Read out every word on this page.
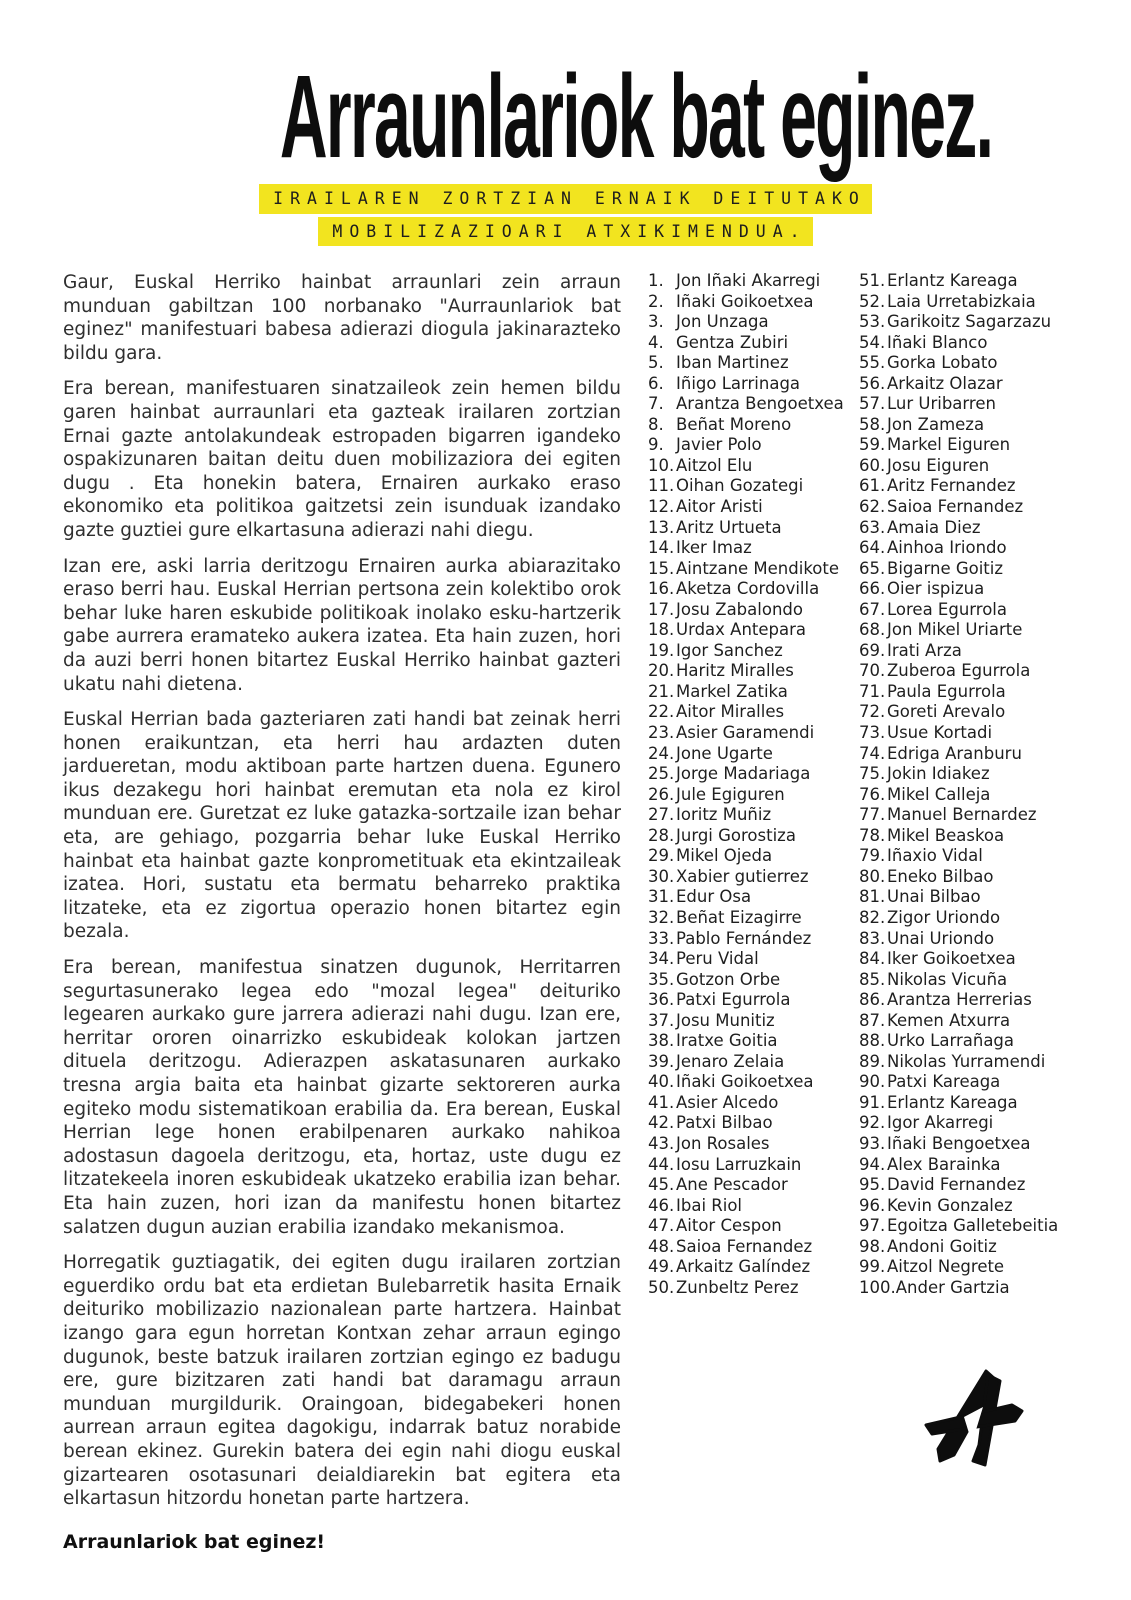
Arraunlariok bat eginez.
IRAILAREN ZORTZIAN ERNAIK DEITUTAKO
MOBILIZAZIOARI ATXIKIMENDUA.

Gaur, Euskal Herriko hainbat arraunlari zein arraun munduan gabiltzan 100 norbanako "Aurraunlariok bat eginez" manifestuari babesa adierazi diogula jakinarazteko bildu gara.

Era berean, manifestuaren sinatzaileok zein hemen bildu garen hainbat aurraunlari eta gazteak irailaren zortzian Ernai gazte antolakundeak estropaden bigarren igandeko ospakizunaren baitan deitu duen mobilizaziora dei egiten dugu . Eta honekin batera, Ernairen aurkako eraso ekonomiko eta politikoa gaitzetsi zein isunduak izandako gazte guztiei gure elkartasuna adierazi nahi diegu.

Izan ere, aski larria deritzogu Ernairen aurka abiarazitako eraso berri hau. Euskal Herrian pertsona zein kolektibo orok behar luke haren eskubide politikoak inolako esku-hartzerik gabe aurrera eramateko aukera izatea. Eta hain zuzen, hori da auzi berri honen bitartez Euskal Herriko hainbat gazteri ukatu nahi dietena.

Euskal Herrian bada gazteriaren zati handi bat zeinak herri honen eraikuntzan, eta herri hau ardazten duten jardueretan, modu aktiboan parte hartzen duena. Egunero ikus dezakegu hori hainbat eremutan eta nola ez kirol munduan ere. Guretzat ez luke gatazka-sortzaile izan behar eta, are gehiago, pozgarria behar luke Euskal Herriko hainbat eta hainbat gazte konprometituak eta ekintzaileak izatea. Hori, sustatu eta bermatu beharreko praktika litzateke, eta ez zigortua operazio honen bitartez egin bezala.

Era berean, manifestua sinatzen dugunok, Herritarren segurtasunerako legea edo "mozal legea" deituriko legearen aurkako gure jarrera adierazi nahi dugu. Izan ere, herritar ororen oinarrizko eskubideak kolokan jartzen dituela deritzogu. Adierazpen askatasunaren aurkako tresna argia baita eta hainbat gizarte sektoreren aurka egiteko modu sistematikoan erabilia da. Era berean, Euskal Herrian lege honen erabilpenaren aurkako nahikoa adostasun dagoela deritzogu, eta, hortaz, uste dugu ez litzatekeela inoren eskubideak ukatzeko erabilia izan behar. Eta hain zuzen, hori izan da manifestu honen bitartez salatzen dugun auzian erabilia izandako mekanismoa.

Horregatik guztiagatik, dei egiten dugu irailaren zortzian eguerdiko ordu bat eta erdietan Bulebarretik hasita Ernaik deituriko mobilizazio nazionalean parte hartzera. Hainbat izango gara egun horretan Kontxan zehar arraun egingo dugunok, beste batzuk irailaren zortzian egingo ez badugu ere, gure bizitzaren zati handi bat daramagu arraun munduan murgildurik. Oraingoan, bidegabekeri honen aurrean arraun egitea dagokigu, indarrak batuz norabide berean ekinez. Gurekin batera dei egin nahi diogu euskal gizartearen osotasunari deialdiarekin bat egitera eta elkartasun hitzordu honetan parte hartzera.

Arraunlariok bat eginez!
1. Jon Iñaki Akarregi
2. Iñaki Goikoetxea
3. Jon Unzaga
4. Gentza Zubiri
5. Iban Martinez
6. Iñigo Larrinaga
7. Arantza Bengoetxea
8. Beñat Moreno
9. Javier Polo
10. Aitzol Elu
11. Oihan Gozategi
12. Aitor Aristi
13. Aritz Urtueta
14. Iker Imaz
15. Aintzane Mendikote
16. Aketza Cordovilla
17. Josu Zabalondo
18. Urdax Antepara
19. Igor Sanchez
20. Haritz Miralles
21. Markel Zatika
22. Aitor Miralles
23. Asier Garamendi
24. Jone Ugarte
25. Jorge Madariaga
26. Jule Egiguren
27. Ioritz Muñiz
28. Jurgi Gorostiza
29. Mikel Ojeda
30. Xabier gutierrez
31. Edur Osa
32. Beñat Eizagirre
33. Pablo Fernández
34. Peru Vidal
35. Gotzon Orbe
36. Patxi Egurrola
37. Josu Munitiz
38. Iratxe Goitia
39. Jenaro Zelaia
40. Iñaki Goikoetxea
41. Asier Alcedo
42. Patxi Bilbao
43. Jon Rosales
44. Iosu Larruzkain
45. Ane Pescador
46. Ibai Riol
47. Aitor Cespon
48. Saioa Fernandez
49. Arkaitz Galíndez
50. Zunbeltz Perez
51. Erlantz Kareaga
52. Laia Urretabizkaia
53. Garikoitz Sagarzazu
54. Iñaki Blanco
55. Gorka Lobato
56. Arkaitz Olazar
57. Lur Uribarren
58. Jon Zameza
59. Markel Eiguren
60. Josu Eiguren
61. Aritz Fernandez
62. Saioa Fernandez
63. Amaia Diez
64. Ainhoa Iriondo
65. Bigarne Goitiz
66. Oier ispizua
67. Lorea Egurrola
68. Jon Mikel Uriarte
69. Irati Arza
70. Zuberoa Egurrola
71. Paula Egurrola
72. Goreti Arevalo
73. Usue Kortadi
74. Edriga Aranburu
75. Jokin Idiakez
76. Mikel Calleja
77. Manuel Bernardez
78. Mikel Beaskoa
79. Iñaxio Vidal
80. Eneko Bilbao
81. Unai Bilbao
82. Zigor Uriondo
83. Unai Uriondo
84. Iker Goikoetxea
85. Nikolas Vicuña
86. Arantza Herrerias
87. Kemen Atxurra
88. Urko Larrañaga
89. Nikolas Yurramendi
90. Patxi Kareaga
91. Erlantz Kareaga
92. Igor Akarregi
93. Iñaki Bengoetxea
94. Alex Barainka
95. David Fernandez
96. Kevin Gonzalez
97. Egoitza Galletebeitia
98. Andoni Goitiz
99. Aitzol Negrete
100. Ander Gartzia
